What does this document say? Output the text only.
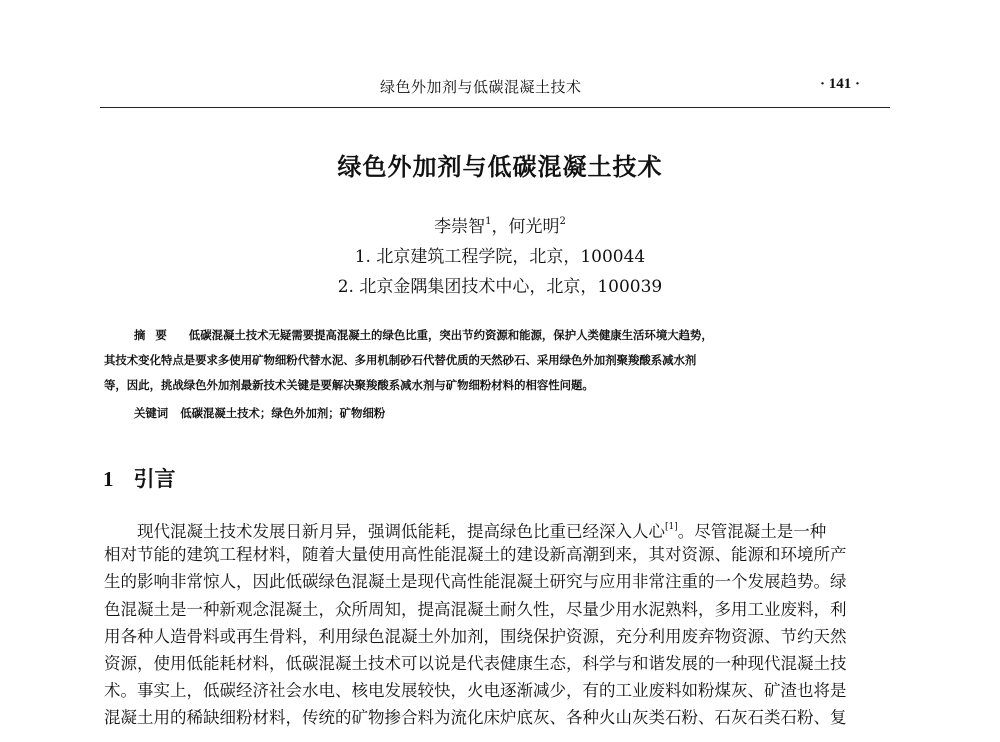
绿色外加剂与低碳混凝土技术	· 141 ·
绿色外加剂与低碳混凝土技术
李崇智$^1$，何光明$^2$
1. 北京建筑工程学院，北京，100044
2. 北京金隅集团技术中心，北京，100039
摘要 低碳混凝土技术无疑需要提高混凝土的绿色比重，突出节约资源和能源，保护人类健康生活环境大趋势，
其技术变化特点是要求多使用矿物细粉代替水泥、多用机制砂石代替优质的天然砂石、采用绿色外加剂聚羧酸系减水剂
等，因此，挑战绿色外加剂最新技术关键是要解决聚羧酸系减水剂与矿物细粉材料的相容性问题。
关键词 低碳混凝土技术；绿色外加剂；矿物细粉
1 引言
现代混凝土技术发展日新月异，强调低能耗，提高绿色比重已经深入人心[1]。尽管混凝土是一种
相对节能的建筑工程材料，随着大量使用高性能混凝土的建设新高潮到来，其对资源、能源和环境所产
生的影响非常惊人，因此低碳绿色混凝土是现代高性能混凝土研究与应用非常注重的一个发展趋势。绿
色混凝土是一种新观念混凝土，众所周知，提高混凝土耐久性，尽量少用水泥熟料，多用工业废料，利
用各种人造骨料或再生骨料，利用绿色混凝土外加剂，围绕保护资源，充分利用废弃物资源、节约天然
资源，使用低能耗材料，低碳混凝土技术可以说是代表健康生态，科学与和谐发展的一种现代混凝土技
术。事实上，低碳经济社会水电、核电发展较快，火电逐渐减少，有的工业废料如粉煤灰、矿渣也将是
混凝土用的稀缺细粉材料，传统的矿物掺合料为流化床炉底灰、各种火山灰类石粉、石灰石类石粉、复
